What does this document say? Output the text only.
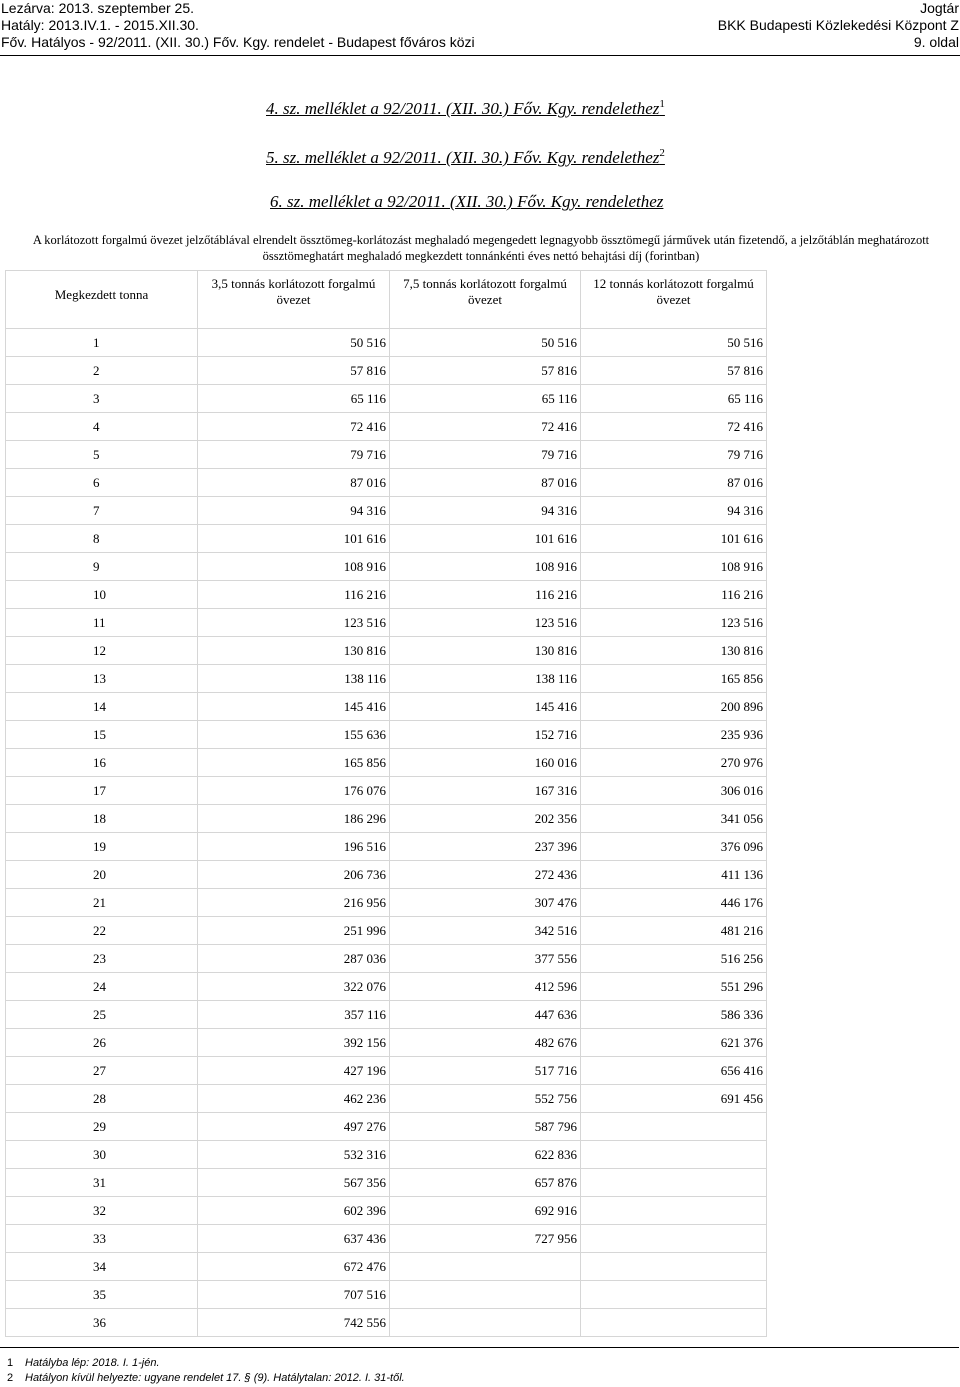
Lezárva: 2013. szeptember 25.
Hatály: 2013.IV.1. - 2015.XII.30.
Főv. Hatályos - 92/2011. (XII. 30.) Főv. Kgy. rendelet - Budapest főváros közi
Jogtár
BKK Budapesti Közlekedési Központ Z
9. oldal
4. sz. melléklet a 92/2011. (XII. 30.) Főv. Kgy. rendelethez$^1$
5. sz. melléklet a 92/2011. (XII. 30.) Főv. Kgy. rendelethez$^2$
6. sz. melléklet a 92/2011. (XII. 30.) Főv. Kgy. rendelethez
A korlátozott forgalmú övezet jelzőtáblával elrendelt össztömeg-korlátozást meghaladó megengedett legnagyobb össztömegű járművek után fizetendő, a jelzőtáblán meghatározott össztömeghatárt meghaladó megkezdett tonnánkénti éves nettó behajtási díj (forintban)
Megkezdett tonna	3,5 tonnás korlátozott forgalmú övezet	7,5 tonnás korlátozott forgalmú övezet	12 tonnás korlátozott forgalmú övezet
1	50 516	50 516	50 516
2	57 816	57 816	57 816
3	65 116	65 116	65 116
4	72 416	72 416	72 416
5	79 716	79 716	79 716
6	87 016	87 016	87 016
7	94 316	94 316	94 316
8	101 616	101 616	101 616
9	108 916	108 916	108 916
10	116 216	116 216	116 216
11	123 516	123 516	123 516
12	130 816	130 816	130 816
13	138 116	138 116	165 856
14	145 416	145 416	200 896
15	155 636	152 716	235 936
16	165 856	160 016	270 976
17	176 076	167 316	306 016
18	186 296	202 356	341 056
19	196 516	237 396	376 096
20	206 736	272 436	411 136
21	216 956	307 476	446 176
22	251 996	342 516	481 216
23	287 036	377 556	516 256
24	322 076	412 596	551 296
25	357 116	447 636	586 336
26	392 156	482 676	621 376
27	427 196	517 716	656 416
28	462 236	552 756	691 456
29	497 276	587 796	
30	532 316	622 836	
31	567 356	657 876	
32	602 396	692 916	
33	637 436	727 956	
34	672 476		
35	707 516		
36	742 556		
1 Hatályba lép: 2018. I. 1-jén.
2 Hatályon kívül helyezte: ugyane rendelet 17. § (9). Hatálytalan: 2012. I. 31-től.
